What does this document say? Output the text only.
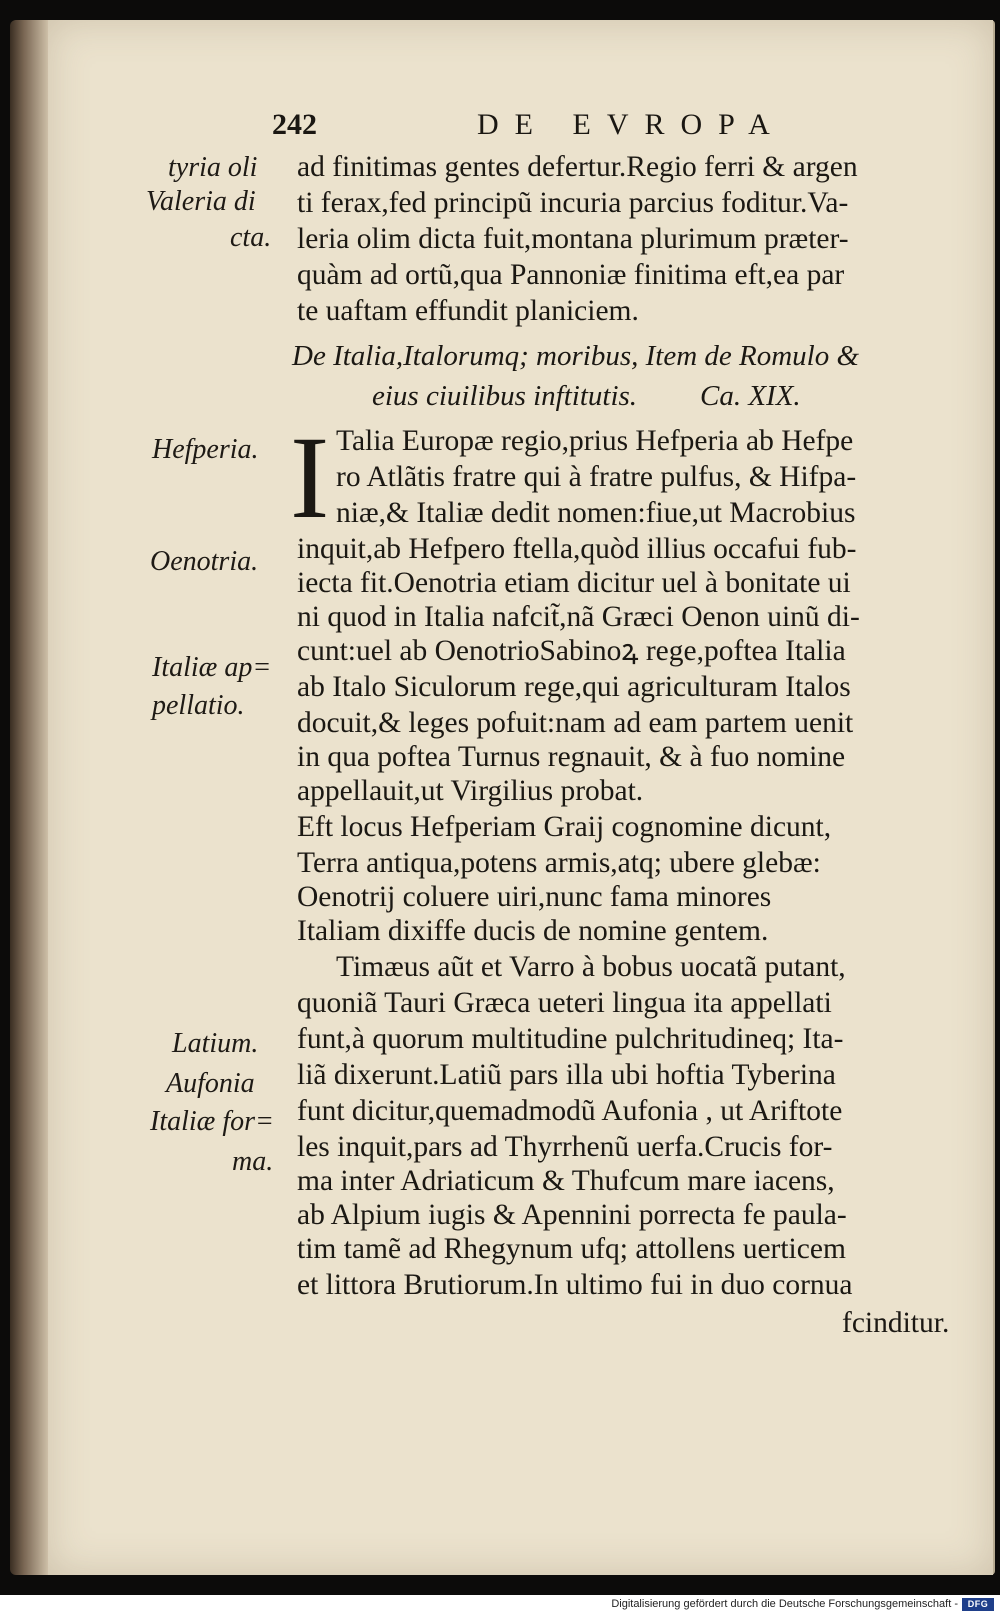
242	DE EVROPA
tyria oli
Valeria di
cta.
Hefperia.
Oenotria.
Italiæ ap=
pellatio.
Latium.
Aufonia
Italiæ for=
ma.
ad finitimas gentes defertur.Regio ferri & argen
ti ferax,fed principũ incuria parcius foditur.Va-
leria olim dicta fuit,montana plurimum præter-
quàm ad ortũ,qua Pannoniæ finitima eft,ea par
te uaftam effundit planiciem.
De Italia,Italorumq; moribus, Item de Romulo &
eius ciuilibus inftitutis. Ca. XIX.
I Talia Europæ regio,prius Hefperia ab Hefpe
ro Atlãtis fratre qui à fratre pulfus, & Hifpa-
niæ,& Italiæ dedit nomen:fiue,ut Macrobius
inquit,ab Hefpero ftella,quòd illius occafui fub-
iecta fit.Oenotria etiam dicitur uel à bonitate ui
ni quod in Italia nafcit̃,nã Græci Oenon uinũ di-
cunt:uel ab OenotrioSabinoꝝ rege,poftea Italia
ab Italo Siculorum rege,qui agriculturam Italos
docuit,& leges pofuit:nam ad eam partem uenit
in qua poftea Turnus regnauit, & à fuo nomine
appellauit,ut Virgilius probat.
Eft locus Hefperiam Graij cognomine dicunt,
Terra antiqua,potens armis,atq; ubere glebæ:
Oenotrij coluere uiri,nunc fama minores
Italiam dixiffe ducis de nomine gentem.
Timæus aũt et Varro à bobus uocatã putant,
quoniã Tauri Græca ueteri lingua ita appellati
funt,à quorum multitudine pulchritudineq; Ita-
liã dixerunt.Latiũ pars illa ubi hoftia Tyberina
funt dicitur,quemadmodũ Aufonia , ut Ariftote
les inquit,pars ad Thyrrhenũ uerfa.Crucis for-
ma inter Adriaticum & Thufcum mare iacens,
ab Alpium iugis & Apennini porrecta fe paula-
tim tamẽ ad Rhegynum ufq; attollens uerticem
et littora Brutiorum.In ultimo fui in duo cornua
fcinditur.
Digitalisierung gefördert durch die Deutsche Forschungsgemeinschaft -	DFG
